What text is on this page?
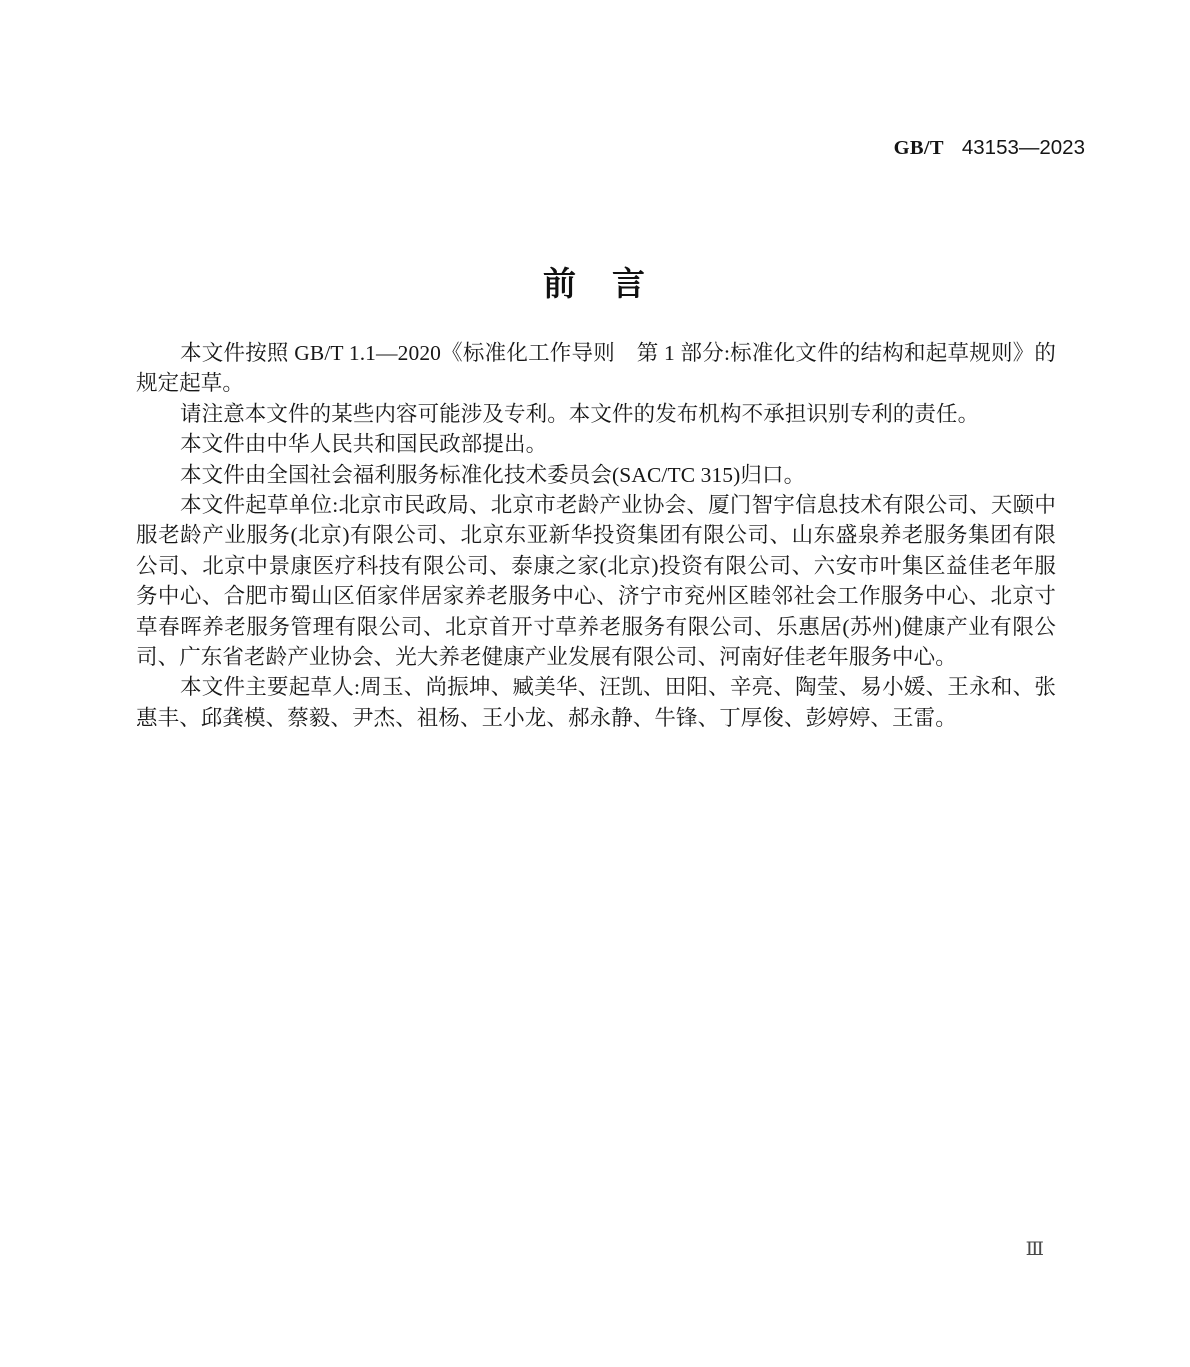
GB/T 43153—2023
前 言

本文件按照 GB/T 1.1—2020《标准化工作导则　第 1 部分:标准化文件的结构和起草规则》的规定起草。

请注意本文件的某些内容可能涉及专利。本文件的发布机构不承担识别专利的责任。

本文件由中华人民共和国民政部提出。

本文件由全国社会福利服务标准化技术委员会(SAC/TC 315)归口。

本文件起草单位:北京市民政局、北京市老龄产业协会、厦门智宇信息技术有限公司、天颐中服老龄产业服务(北京)有限公司、北京东亚新华投资集团有限公司、山东盛泉养老服务集团有限公司、北京中景康医疗科技有限公司、泰康之家(北京)投资有限公司、六安市叶集区益佳老年服务中心、合肥市蜀山区佰家伴居家养老服务中心、济宁市兖州区睦邻社会工作服务中心、北京寸草春晖养老服务管理有限公司、北京首开寸草养老服务有限公司、乐惠居(苏州)健康产业有限公司、广东省老龄产业协会、光大养老健康产业发展有限公司、河南好佳老年服务中心。

本文件主要起草人:周玉、尚振坤、臧美华、汪凯、田阳、辛亮、陶莹、易小媛、王永和、张惠丰、邱龚模、蔡毅、尹杰、祖杨、王小龙、郝永静、牛锋、丁厚俊、彭婷婷、王雷。

Ⅲ
